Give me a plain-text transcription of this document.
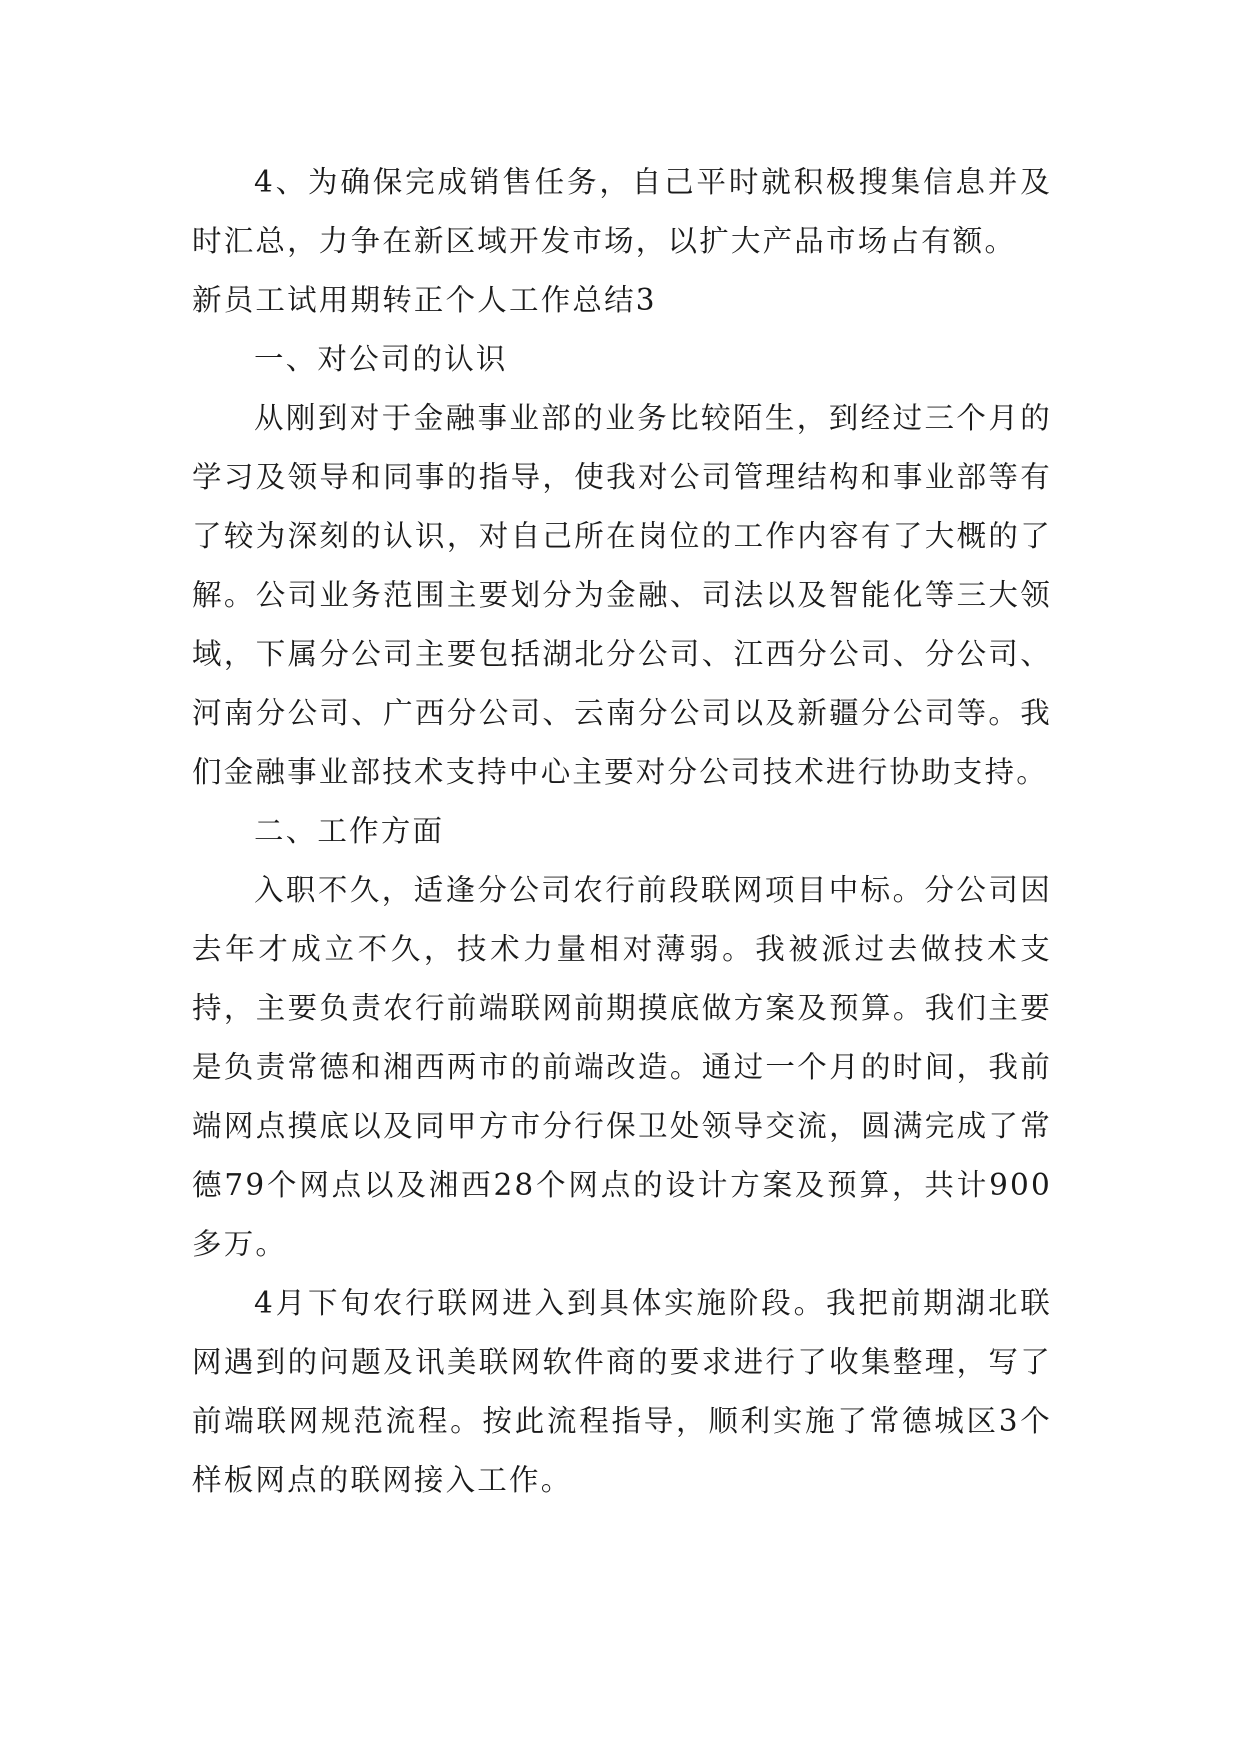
4、为确保完成销售任务，自己平时就积极搜集信息并及时汇总，力争在新区域开发市场，以扩大产品市场占有额。

新员工试用期转正个人工作总结3

一、对公司的认识

从刚到对于金融事业部的业务比较陌生，到经过三个月的学习及领导和同事的指导，使我对公司管理结构和事业部等有了较为深刻的认识，对自己所在岗位的工作内容有了大概的了解。公司业务范围主要划分为金融、司法以及智能化等三大领域，下属分公司主要包括湖北分公司、江西分公司、分公司、河南分公司、广西分公司、云南分公司以及新疆分公司等。我们金融事业部技术支持中心主要对分公司技术进行协助支持。

二、工作方面

入职不久，适逢分公司农行前段联网项目中标。分公司因去年才成立不久，技术力量相对薄弱。我被派过去做技术支持，主要负责农行前端联网前期摸底做方案及预算。我们主要是负责常德和湘西两市的前端改造。通过一个月的时间，我前端网点摸底以及同甲方市分行保卫处领导交流，圆满完成了常德79个网点以及湘西28个网点的设计方案及预算，共计900多万。

4月下旬农行联网进入到具体实施阶段。我把前期湖北联网遇到的问题及讯美联网软件商的要求进行了收集整理，写了前端联网规范流程。按此流程指导，顺利实施了常德城区3个样板网点的联网接入工作。
